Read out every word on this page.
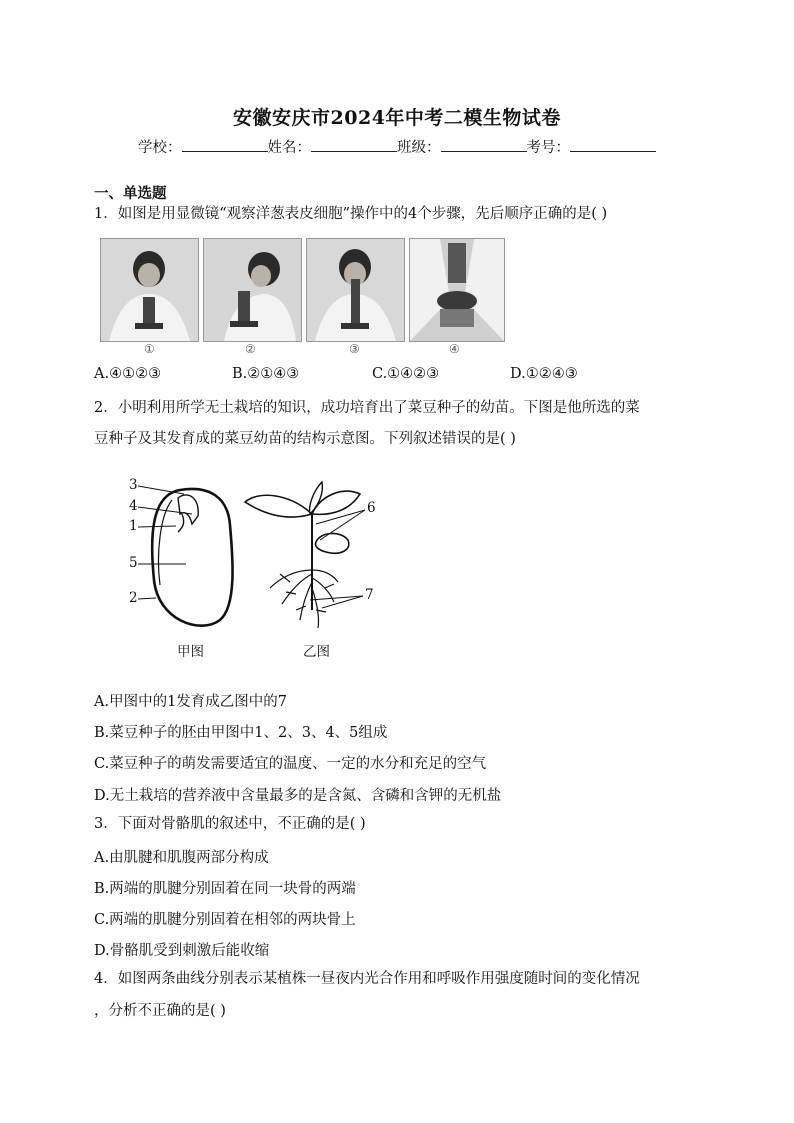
安徽安庆市2024年中考二模生物试卷
学校：	姓名：	班级：	考号：
一、单选题
1．如图是用显微镜“观察洋葱表皮细胞”操作中的4个步骤，先后顺序正确的是( )
①	②	③	④
A.④①②③	B.②①④③	C.①④②③	D.①②④③
2．小明利用所学无土栽培的知识，成功培育出了菜豆种子的幼苗。下图是他所选的菜
豆种子及其发育成的菜豆幼苗的结构示意图。下列叙述错误的是( )
3
4
1
5
2
6
7
甲图	乙图
A.甲图中的1发育成乙图中的7
B.菜豆种子的胚由甲图中1、2、3、4、5组成
C.菜豆种子的萌发需要适宜的温度、一定的水分和充足的空气
D.无土栽培的营养液中含量最多的是含氮、含磷和含钾的无机盐
3．下面对骨骼肌的叙述中，不正确的是( )
A.由肌腱和肌腹两部分构成
B.两端的肌腱分别固着在同一块骨的两端
C.两端的肌腱分别固着在相邻的两块骨上
D.骨骼肌受到刺激后能收缩
4．如图两条曲线分别表示某植株一昼夜内光合作用和呼吸作用强度随时间的变化情况
，分析不正确的是( )
